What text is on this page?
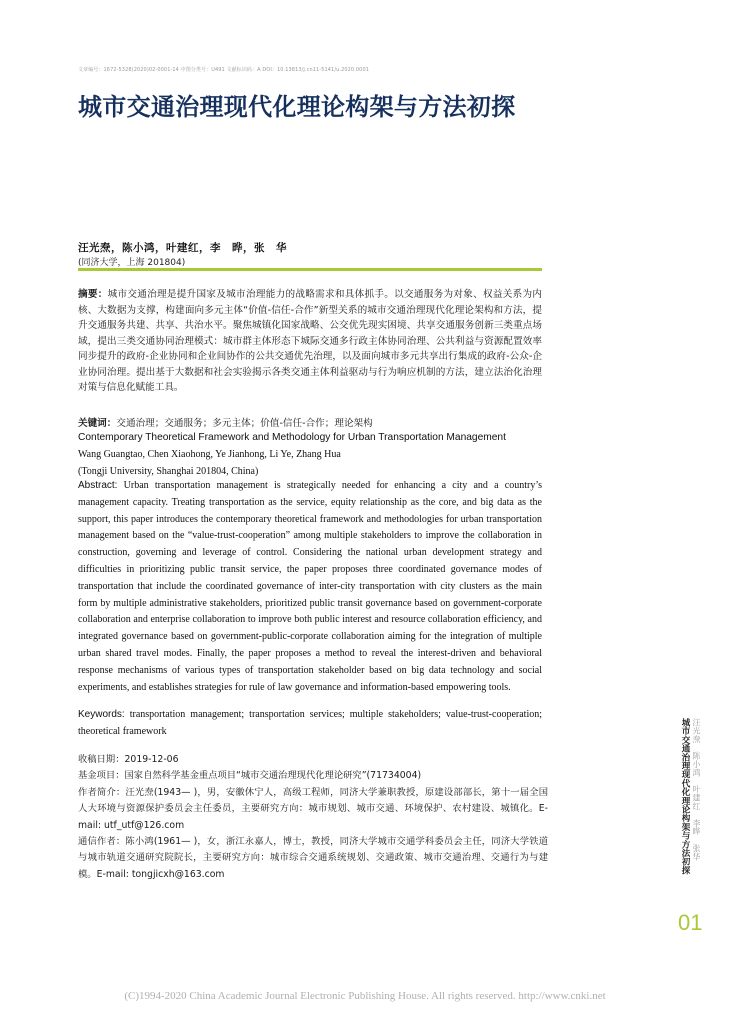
文章编号：1672-5328(2020)02-0001-14 中图分类号：U491 文献标识码：A DOI：10.13813/j.cn11-5141/u.2020.0001
城市交通治理现代化理论构架与方法初探
汪光焘，陈小鸿，叶建红，李　晔，张　华
(同济大学，上海 201804)
摘要：城市交通治理是提升国家及城市治理能力的战略需求和具体抓手。以交通服务为对象、权益关系为内核、大数据为支撑，构建面向多元主体“价值-信任-合作”新型关系的城市交通治理现代化理论架构和方法，提升交通服务共建、共享、共治水平。聚焦城镇化国家战略、公交优先现实困境、共享交通服务创新三类重点场域，提出三类交通协同治理模式：城市群主体形态下城际交通多行政主体协同治理、公共利益与资源配置效率同步提升的政府-企业协同和企业间协作的公共交通优先治理，以及面向城市多元共享出行集成的政府-公众-企业协同治理。提出基于大数据和社会实验揭示各类交通主体利益驱动与行为响应机制的方法，建立法治化治理对策与信息化赋能工具。
关键词：交通治理；交通服务；多元主体；价值-信任-合作；理论架构
Contemporary Theoretical Framework and Methodology for Urban Transportation Management
Wang Guangtao, Chen Xiaohong, Ye Jianhong, Li Ye, Zhang Hua
(Tongji University, Shanghai 201804, China)
Abstract: Urban transportation management is strategically needed for enhancing a city and a country’s management capacity. Treating transportation as the service, equity relationship as the core, and big data as the support, this paper introduces the contemporary theoretical framework and methodologies for urban transportation management based on the “value-trust-cooperation” among multiple stakeholders to improve the collaboration in construction, governing and leverage of control. Considering the national urban development strategy and difficulties in prioritizing public transit service, the paper proposes three coordinated governance modes of transportation that include the coordinated governance of inter-city transportation with city clusters as the main form by multiple administrative stakeholders, prioritized public transit governance based on government-corporate collaboration and enterprise collaboration to improve both public interest and resource collaboration efficiency, and integrated governance based on government-public-corporate collaboration aiming for the integration of multiple urban shared travel modes. Finally, the paper proposes a method to reveal the interest-driven and behavioral response mechanisms of various types of transportation stakeholder based on big data technology and social experiments, and establishes strategies for rule of law governance and information-based empowering tools.
Keywords: transportation management; transportation services; multiple stakeholders; value-trust-cooperation; theoretical framework
收稿日期：2019-12-06
基金项目：国家自然科学基金重点项目“城市交通治理现代化理论研究”(71734004)
作者简介：汪光焘(1943— )，男，安徽休宁人，高级工程师，同济大学兼职教授，原建设部部长，第十一届全国人大环境与资源保护委员会主任委员，主要研究方向：城市规划、城市交通、环境保护、农村建设、城镇化。E-mail: utf_utf@126.com
通信作者：陈小鸿(1961— )，女，浙江永嘉人，博士，教授，同济大学城市交通学科委员会主任，同济大学铁道与城市轨道交通研究院院长，主要研究方向：城市综合交通系统规划、交通政策、城市交通治理、交通行为与建模。E-mail: tongjicxh@163.com	城市交通治理现代化理论构架与方法初探 汪光焘　陈小鸿　叶建红　李晔　张华
01
(C)1994-2020 China Academic Journal Electronic Publishing House. All rights reserved. http://www.cnki.net
